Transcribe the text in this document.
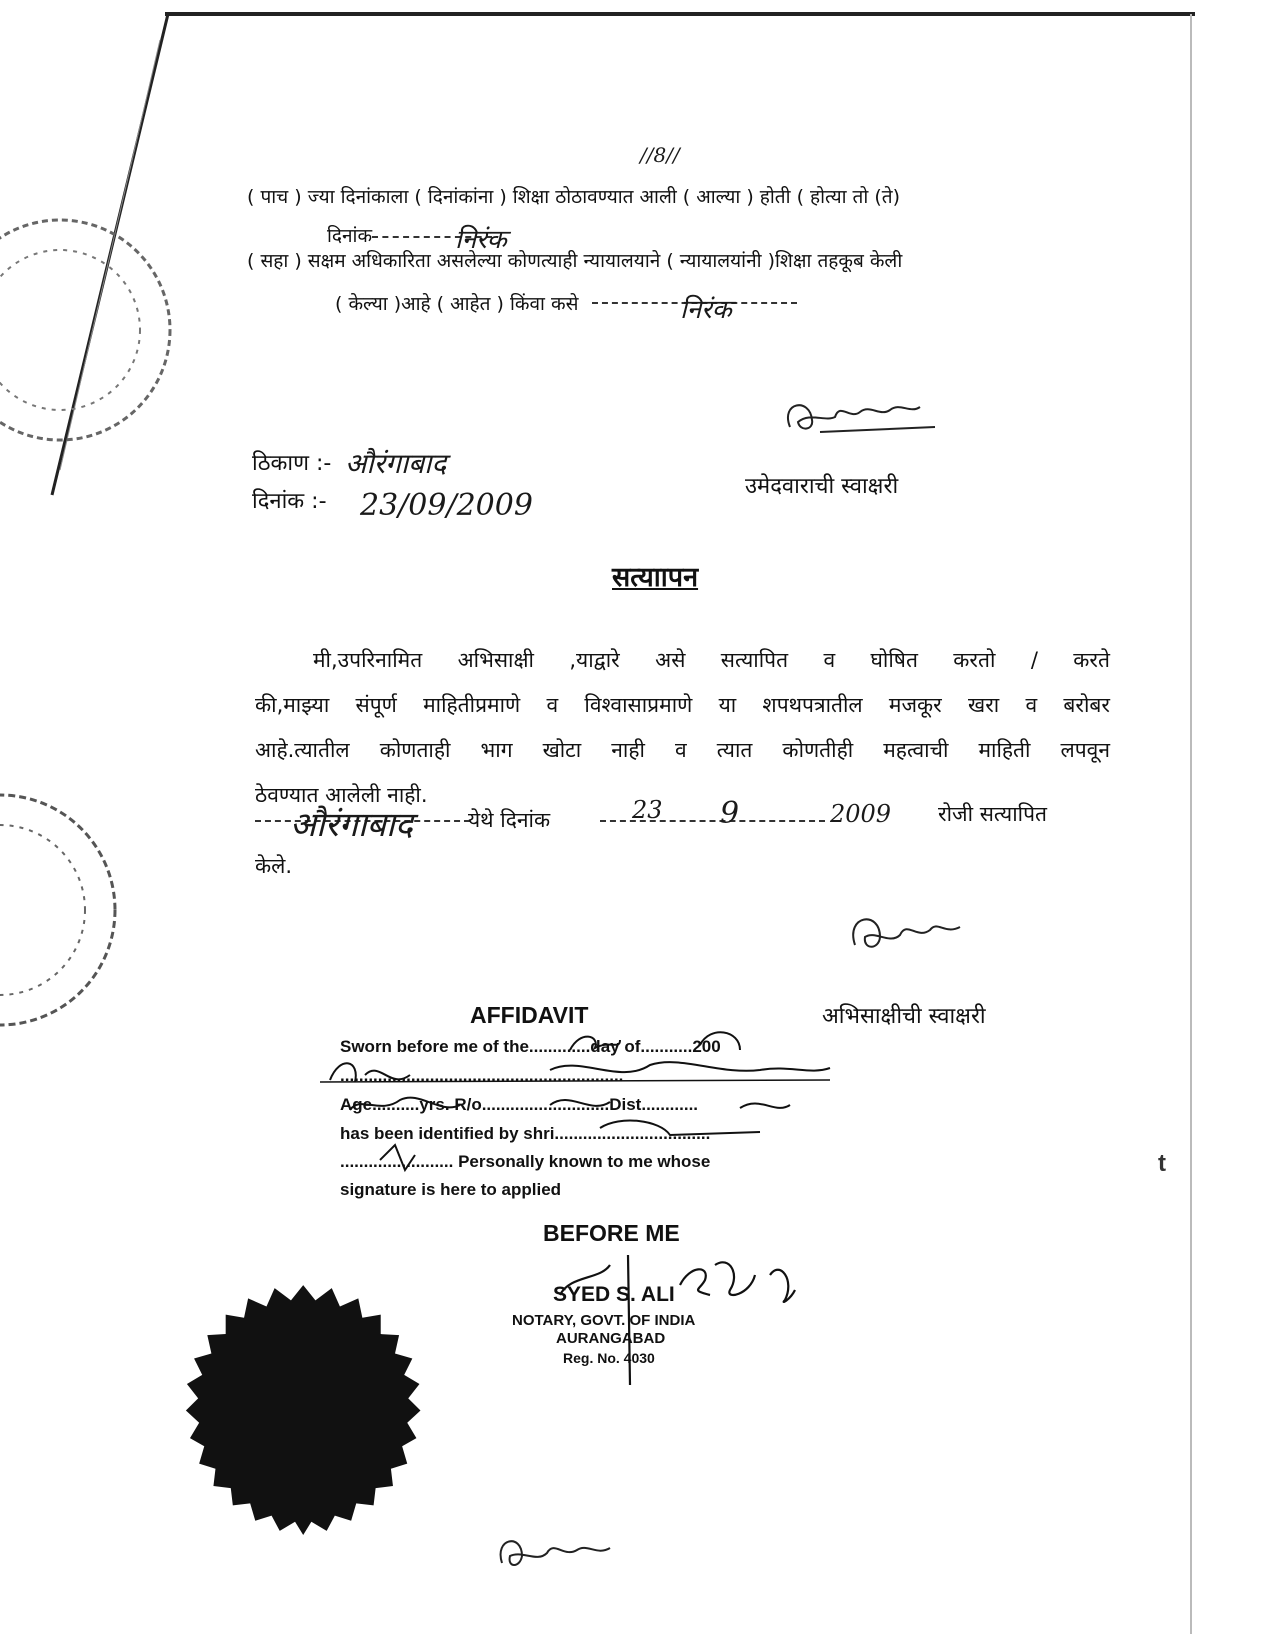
//8//
( पाच ) ज्या दिनांकाला ( दिनांकांना ) शिक्षा ठोठावण्यात आली ( आल्या ) होती ( होत्या तो (ते)
दिनांक	निरंक
( सहा ) सक्षम अधिकारिता असलेल्या कोणत्याही न्यायालयाने ( न्यायालयांनी )शिक्षा तहकूब केली
( केल्या )आहे ( आहेत ) किंवा कसे	निरंक
ठिकाण :- औरंगाबाद
दिनांक :- 23/09/2009
उमेदवाराची स्वाक्षरी
सत्याापन
मी,उपरिनामित अभिसाक्षी ,याद्वारे असे सत्यापित व घोषित करतो / करते
की,माझ्या संपूर्ण माहितीप्रमाणे व विश्वासाप्रमाणे या शपथपत्रातील मजकूर खरा व बरोबर
आहे.त्यातील कोणताही भाग खोटा नाही व त्यात कोणतीही महत्वाची माहिती लपवून
ठेवण्यात आलेली नाही.
औरंगाबाद	येथे दिनांक	23 9	2009 रोजी सत्यापित
केले.
अभिसाक्षीची स्वाक्षरी
AFFIDAVIT
Sworn before me of the.............day of...........200
............................................................
Age..........yrs. R/o...........................Dist............
has been identified by shri.................................
........................ Personally known to me whose
signature is here to applied
BEFORE ME
SYED S. ALI
NOTARY, GOVT. OF INDIA
AURANGABAD
Reg. No. 4030
t
